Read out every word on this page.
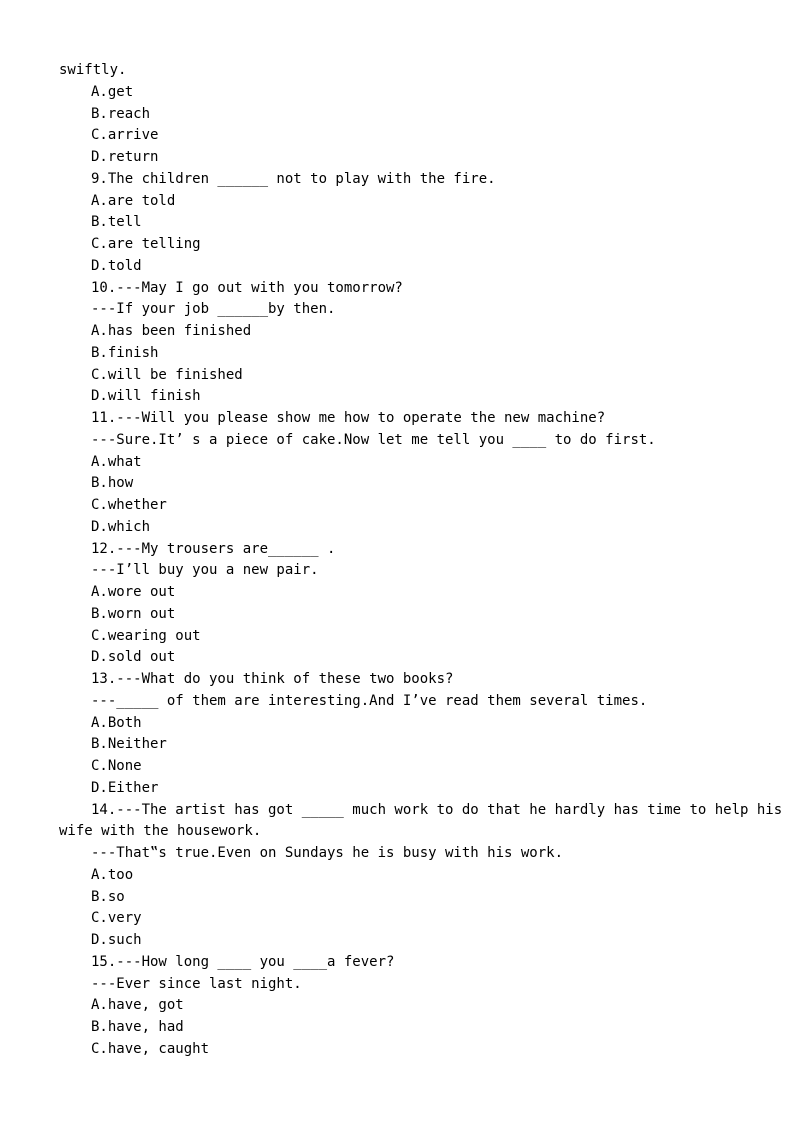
swiftly.
A.get
B.reach
C.arrive
D.return
9.The children ______ not to play with the fire.
A.are told
B.tell
C.are telling
D.told
10.---May I go out with you tomorrow?
---If your job ______by then.
A.has been finished
B.finish
C.will be finished
D.will finish
11.---Will you please show me how to operate the new machine?
---Sure.It’ s a piece of cake.Now let me tell you ____ to do first.
A.what
B.how
C.whether
D.which
12.---My trousers are______ .
---I’ll buy you a new pair.
A.wore out
B.worn out
C.wearing out
D.sold out
13.---What do you think of these two books?
---_____ of them are interesting.And I’ve read them several times.
A.Both
B.Neither
C.None
D.Either
14.---The artist has got _____ much work to do that he hardly has time to help his
wife with the housework.
---That‟s true.Even on Sundays he is busy with his work.
A.too
B.so
C.very
D.such
15.---How long ____ you ____a fever?
---Ever since last night.
A.have, got
B.have, had
C.have, caught
